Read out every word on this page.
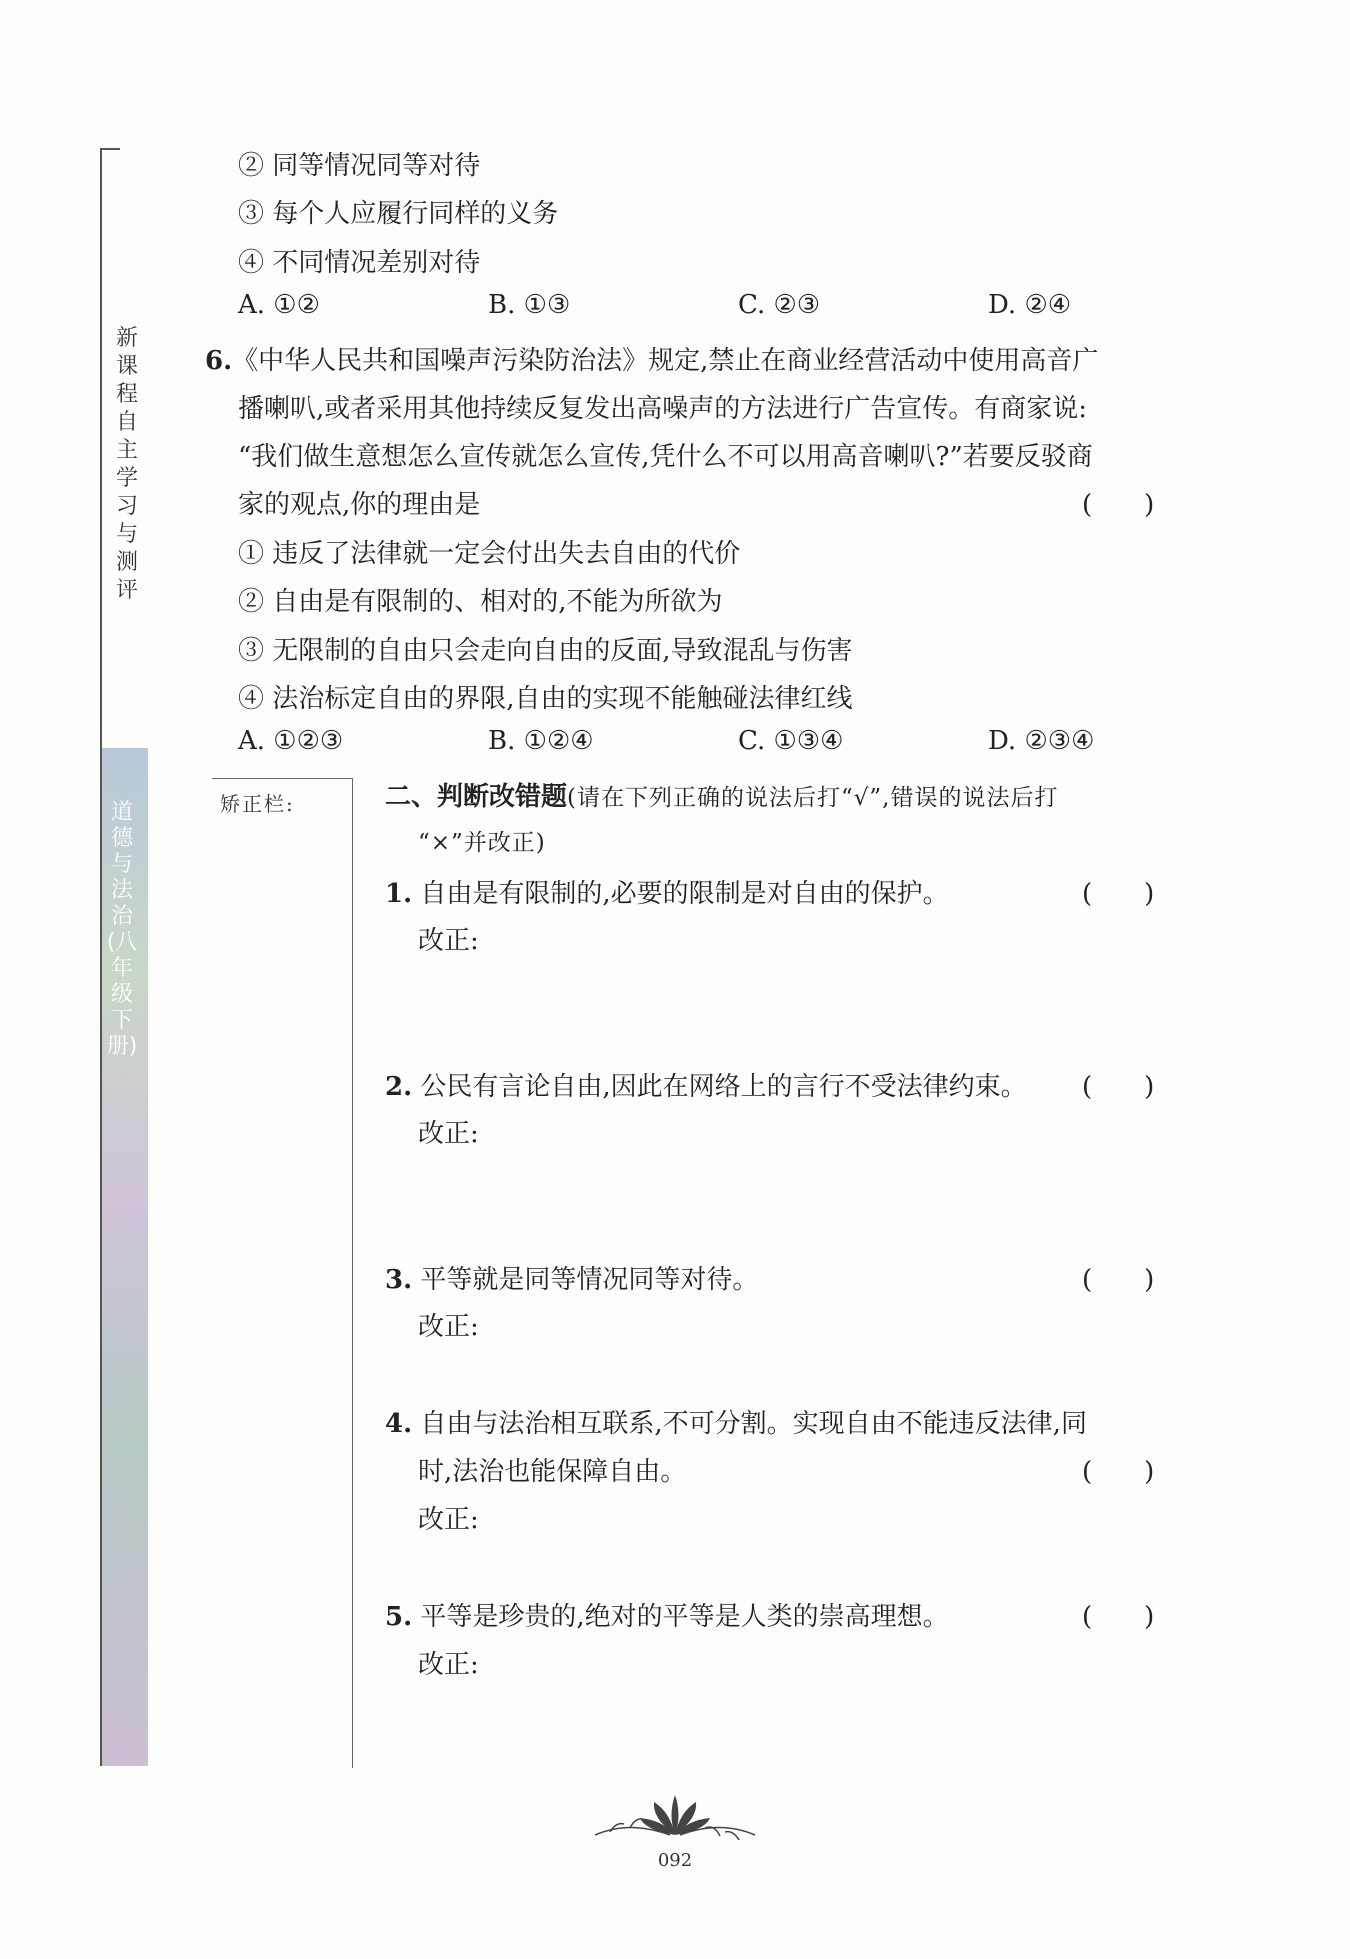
新课程自主学习与测评
道德与法治(八年级下册)
矫正栏:
② 同等情况同等对待
③ 每个人应履行同样的义务
④ 不同情况差别对待
A. ①②	B. ①③	C. ②③	D. ②④
6.《中华人民共和国噪声污染防治法》规定,禁止在商业经营活动中使用高音广
播喇叭,或者采用其他持续反复发出高噪声的方法进行广告宣传。有商家说:
“我们做生意想怎么宣传就怎么宣传,凭什么不可以用高音喇叭?”若要反驳商
家的观点,你的理由是	(　　)
① 违反了法律就一定会付出失去自由的代价
② 自由是有限制的、相对的,不能为所欲为
③ 无限制的自由只会走向自由的反面,导致混乱与伤害
④ 法治标定自由的界限,自由的实现不能触碰法律红线
A. ①②③	B. ①②④	C. ①③④	D. ②③④
二、判断改错题(请在下列正确的说法后打“√”,错误的说法后打
“×”并改正)
1. 自由是有限制的,必要的限制是对自由的保护。	(　　)
改正:
2. 公民有言论自由,因此在网络上的言行不受法律约束。 (　　)
改正:
3. 平等就是同等情况同等对待。	(　　)
改正:
4. 自由与法治相互联系,不可分割。实现自由不能违反法律,同
时,法治也能保障自由。	(　　)
改正:
5. 平等是珍贵的,绝对的平等是人类的崇高理想。	(　　)
改正:
092
